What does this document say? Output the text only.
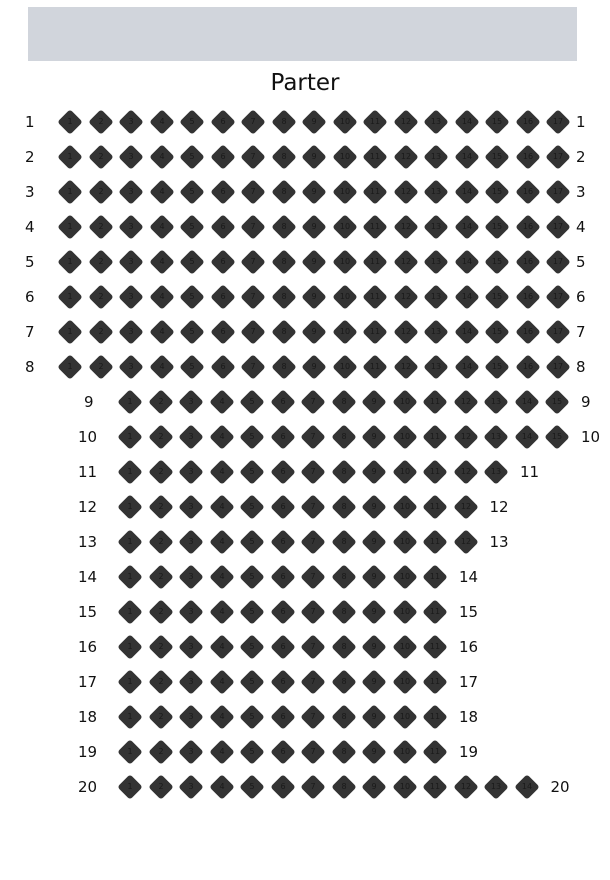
Parter
1	1	2	3	4	5	6	7	8	9	10	11	12	13	14	15	16	17 1
2	1	2	3	4	5	6	7	8	9	10	11	12	13	14	15	16	17 2
3	1	2	3	4	5	6	7	8	9	10	11	12	13	14	15	16	17 3
4	1	2	3	4	5	6	7	8	9	10	11	12	13	14	15	16	17 4
5	1	2	3	4	5	6	7	8	9	10	11	12	13	14	15	16	17 5
6	1	2	3	4	5	6	7	8	9	10	11	12	13	14	15	16	17 6
7	1	2	3	4	5	6	7	8	9	10	11	12	13	14	15	16	17 7
8	1	2	3	4	5	6	7	8	9	10	11	12	13	14	15	16	17 8
9	1	2	3	4	5	6	7	8	9	10	11	12	13	14	15 9
10	1	2	3	4	5	6	7	8	9	10	11	12	13	14	15 10
11	1	2	3	4	5	6	7	8	9	10	11	12	13 11
12	1	2	3	4	5	6	7	8	9	10	11	12 12
13	1	2	3	4	5	6	7	8	9	10	11	12 13
14	1	2	3	4	5	6	7	8	9	10	11 14
15	1	2	3	4	5	6	7	8	9	10	11 15
16	1	2	3	4	5	6	7	8	9	10	11 16
17	1	2	3	4	5	6	7	8	9	10	11 17
18	1	2	3	4	5	6	7	8	9	10	11 18
19	1	2	3	4	5	6	7	8	9	10	11 19
20	1	2	3	4	5	6	7	8	9	10	11	12	13	14 20
